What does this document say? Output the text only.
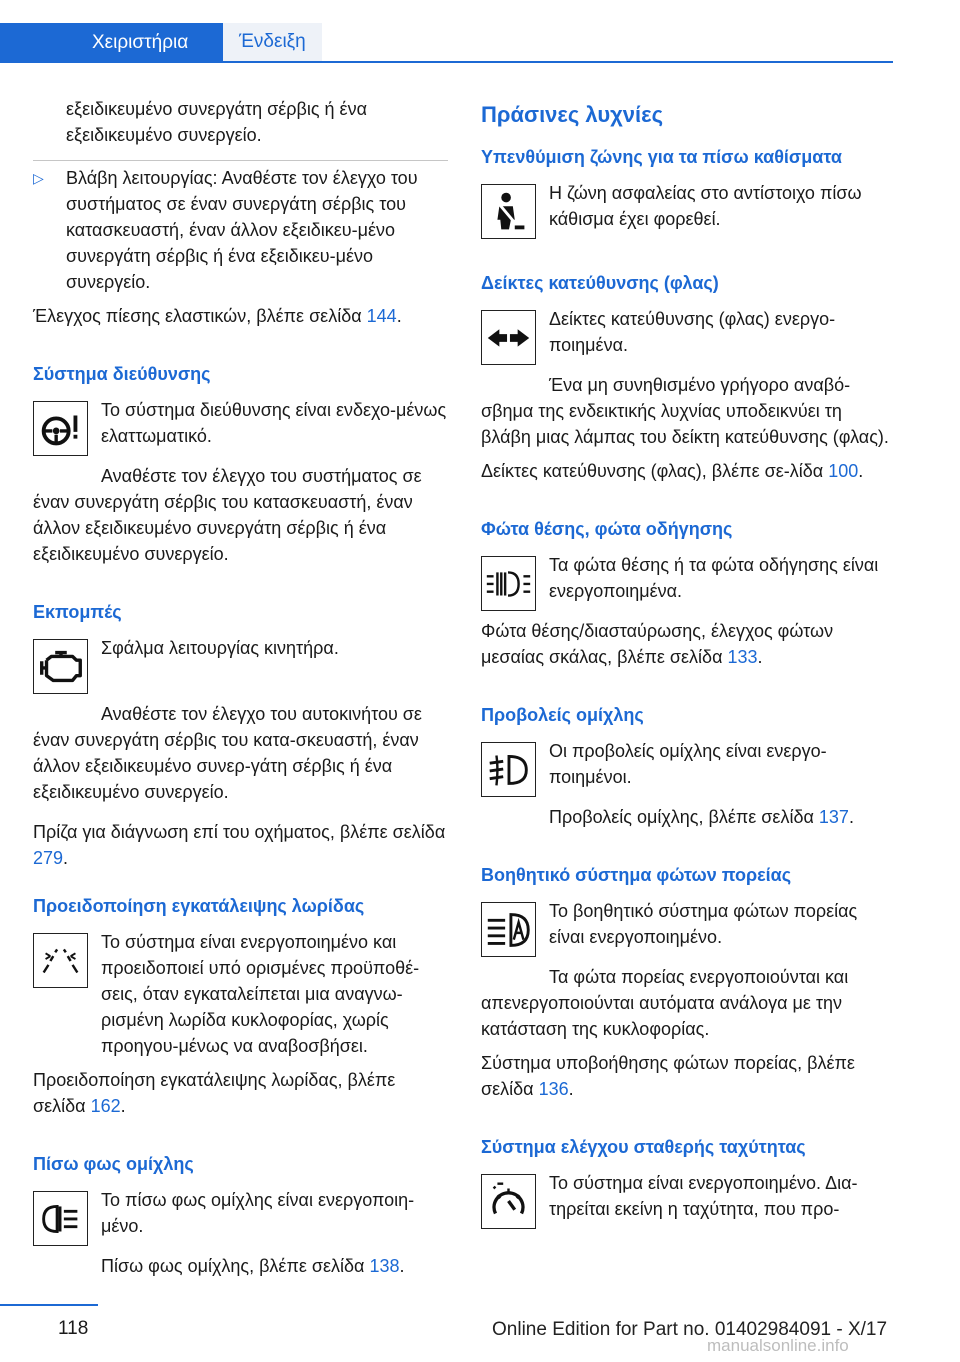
Χειριστήρια	Ένδειξη

εξειδικευμένο συνεργάτη σέρβις ή ένα εξειδικευμένο συνεργείο.

▷ Βλάβη λειτουργίας: Αναθέστε τον έλεγχο του συστήματος σε έναν συνεργάτη σέρβις του κατασκευαστή, έναν άλλον εξειδικευ-μένο συνεργάτη σέρβις ή ένα εξειδικευ-μένο συνεργείο.

Έλεγχος πίεσης ελαστικών, βλέπε σελίδα 144.

Σύστημα διεύθυνσης

Το σύστημα διεύθυνσης είναι ενδεχο-μένως ελαττωματικό.

Αναθέστε τον έλεγχο του συστήματος σε έναν συνεργάτη σέρβις του κατασκευαστή, έναν άλλον εξειδικευμένο συνεργάτη σέρβις ή ένα εξειδικευμένο συνεργείο.

Εκπομπές

Σφάλμα λειτουργίας κινητήρα.

Αναθέστε τον έλεγχο του αυτοκινήτου σε έναν συνεργάτη σέρβις του κατα-σκευαστή, έναν άλλον εξειδικευμένο συνερ-γάτη σέρβις ή ένα εξειδικευμένο συνεργείο.

Πρίζα για διάγνωση επί του οχήματος, βλέπε σελίδα 279.

Προειδοποίηση εγκατάλειψης λωρίδας

Το σύστημα είναι ενεργοποιημένο και προειδοποιεί υπό ορισμένες προϋποθέ-σεις, όταν εγκαταλείπεται μια αναγνω-ρισμένη λωρίδα κυκλοφορίας, χωρίς προηγου-μένως να αναβοσβήσει.

Προειδοποίηση εγκατάλειψης λωρίδας, βλέπε σελίδα 162.

Πίσω φως ομίχλης

Το πίσω φως ομίχλης είναι ενεργοποιη-μένο.

Πίσω φως ομίχλης, βλέπε σελίδα 138.

Πράσινες λυχνίες

Υπενθύμιση ζώνης για τα πίσω καθίσματα

Η ζώνη ασφαλείας στο αντίστοιχο πίσω κάθισμα έχει φορεθεί.

Δείκτες κατεύθυνσης (φλας)

Δείκτες κατεύθυνσης (φλας) ενεργο-ποιημένα.

Ένα μη συνηθισμένο γρήγορο αναβό-σβημα της ενδεικτικής λυχνίας υποδεικνύει τη βλάβη μιας λάμπας του δείκτη κατεύθυνσης (φλας).

Δείκτες κατεύθυνσης (φλας), βλέπε σε-λίδα 100.

Φώτα θέσης, φώτα οδήγησης

Τα φώτα θέσης ή τα φώτα οδήγησης είναι ενεργοποιημένα.

Φώτα θέσης/διασταύρωσης, έλεγχος φώτων μεσαίας σκάλας, βλέπε σελίδα 133.

Προβολείς ομίχλης

Οι προβολείς ομίχλης είναι ενεργο-ποιημένοι.

Προβολείς ομίχλης, βλέπε σελίδα 137.

Βοηθητικό σύστημα φώτων πορείας

Το βοηθητικό σύστημα φώτων πορείας είναι ενεργοποιημένο.

Τα φώτα πορείας ενεργοποιούνται και απενεργοποιούνται αυτόματα ανάλογα με την κατάσταση της κυκλοφορίας.

Σύστημα υποβοήθησης φώτων πορείας, βλέπε σελίδα 136.

Σύστημα ελέγχου σταθερής ταχύτητας

Το σύστημα είναι ενεργοποιημένο. Δια-τηρείται εκείνη η ταχύτητα, που προ-

118	Online Edition for Part no. 01402984091 - X/17
manualsonline.info
